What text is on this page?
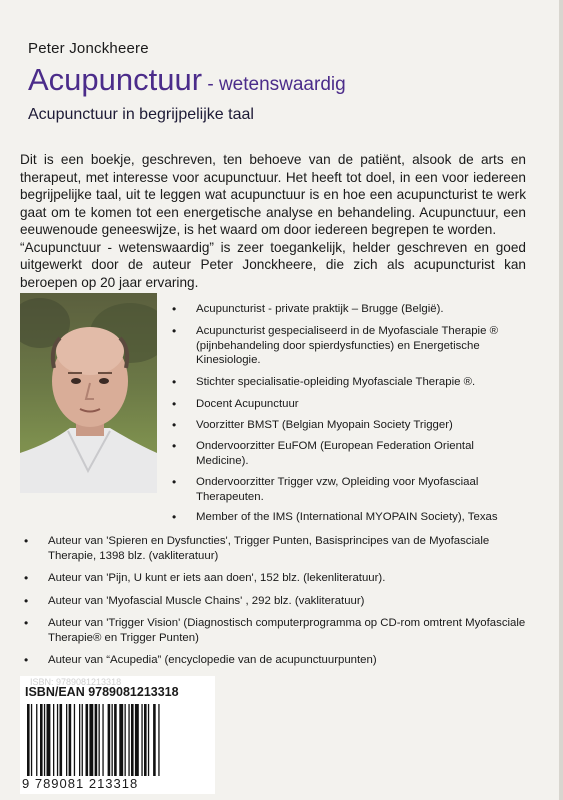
Peter Jonckheere
Acupunctuur - wetenswaardig
Acupunctuur in begrijpelijke taal

Dit is een boekje, geschreven, ten behoeve van de patiënt, alsook de arts en therapeut, met interesse voor acupunctuur. Het heeft tot doel, in een voor iedereen begrijpelijke taal, uit te leggen wat acupunctuur is en hoe een acupuncturist te werk gaat om te komen tot een energetische analyse en behandeling. Acupunctuur, een eeuwenoude geneeswijze, is het waard om door iedereen begrepen te worden.

“Acupunctuur - wetenswaardig” is zeer toegankelijk, helder geschreven en goed uitgewerkt door de auteur Peter Jonckheere, die zich als acupuncturist kan beroepen op 20 jaar ervaring.

• Acupuncturist - private praktijk – Brugge (België).
• Acupuncturist gespecialiseerd in de Myofasciale Therapie ® (pijnbehandeling door spierdysfuncties) en Energetische Kinesiologie.
• Stichter specialisatie-opleiding Myofasciale Therapie ®.
• Docent Acupunctuur
• Voorzitter BMST (Belgian Myopain Society Trigger)
• Ondervoorzitter EuFOM (European Federation Oriental Medicine).
• Ondervoorzitter Trigger vzw, Opleiding voor Myofasciaal Therapeuten.
• Member of the IMS (International MYOPAIN Society), Texas
• Auteur van 'Spieren en Dysfuncties', Trigger Punten, Basisprincipes van de Myofasciale Therapie, 1398 blz. (vakliteratuur)
• Auteur van 'Pijn, U kunt er iets aan doen', 152 blz. (lekenliteratuur).
• Auteur van 'Myofascial Muscle Chains' , 292 blz. (vakliteratuur)
• Auteur van 'Trigger Vision' (Diagnostisch computerprogramma op CD-rom omtrent Myofasciale Therapie® en Trigger Punten)
• Auteur van “Acupedia” (encyclopedie van de acupunctuurpunten)
ISBN: 9789081213318
ISBN/EAN 9789081213318
9 789081 213318
